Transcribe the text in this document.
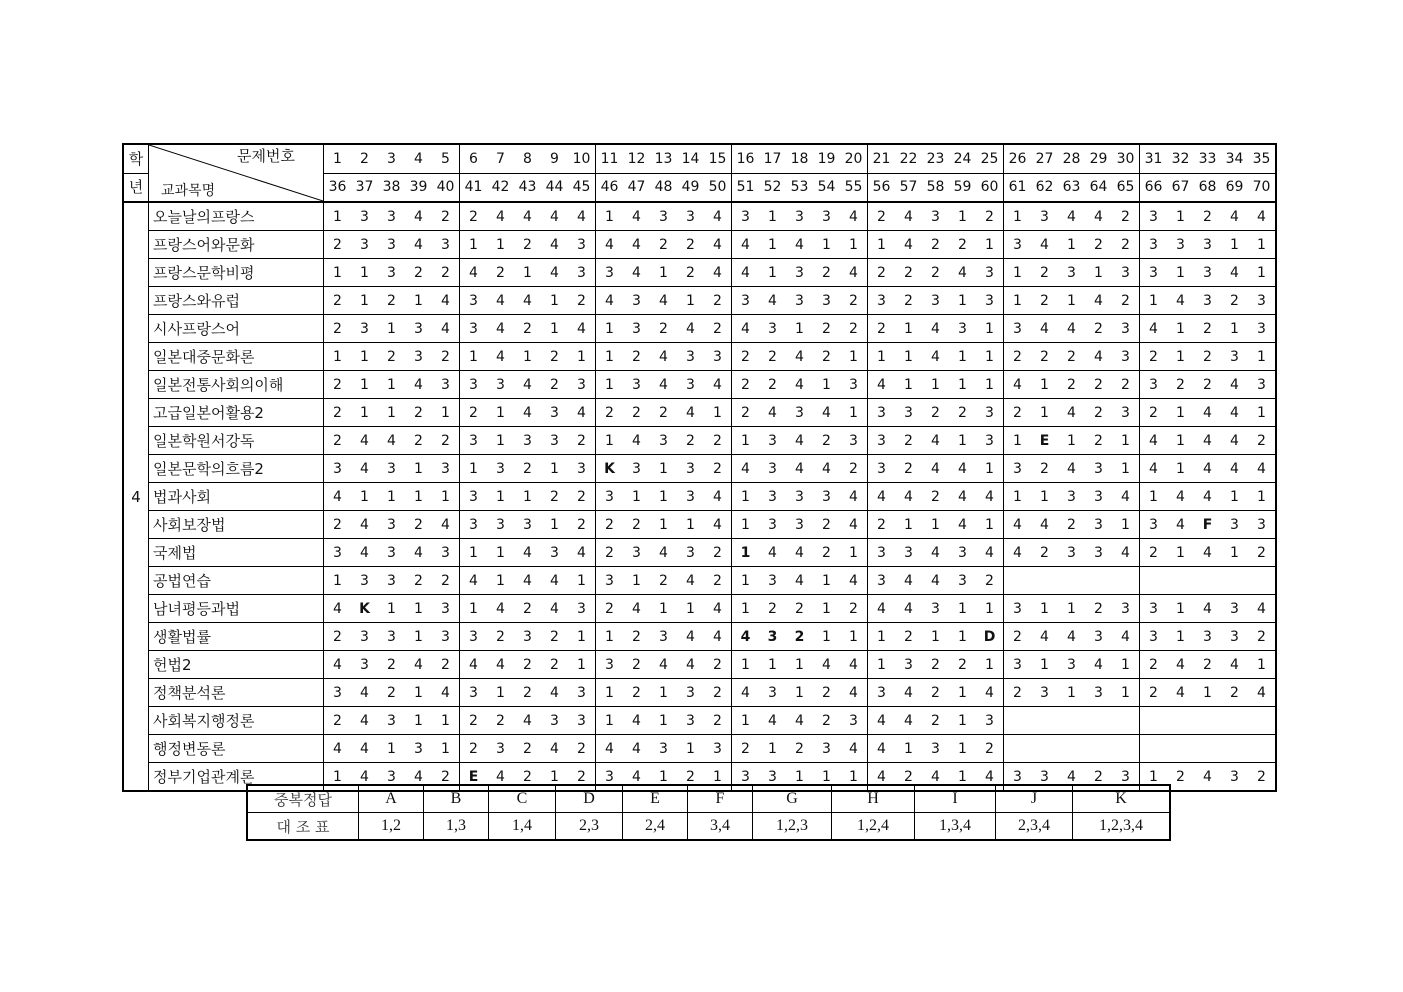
학	문제번호
교과목명	1	2	3	4	5	6	7	8	9	10	11	12	13	14	15	16	17	18	19	20	21	22	23	24	25	26	27	28	29	30	31	32	33	34	35
년		36	37	38	39	40	41	42	43	44	45	46	47	48	49	50	51	52	53	54	55	56	57	58	59	60	61	62	63	64	65	66	67	68	69	70
4	오늘날의프랑스	1	3	3	4	2	2	4	4	4	4	1	4	3	3	4	3	1	3	3	4	2	4	3	1	2	1	3	4	4	2	3	1	2	4	4
	프랑스어와문화	2	3	3	4	3	1	1	2	4	3	4	4	2	2	4	4	1	4	1	1	1	4	2	2	1	3	4	1	2	2	3	3	3	1	1
	프랑스문학비평	1	1	3	2	2	4	2	1	4	3	3	4	1	2	4	4	1	3	2	4	2	2	2	4	3	1	2	3	1	3	3	1	3	4	1
	프랑스와유럽	2	1	2	1	4	3	4	4	1	2	4	3	4	1	2	3	4	3	3	2	3	2	3	1	3	1	2	1	4	2	1	4	3	2	3
	시사프랑스어	2	3	1	3	4	3	4	2	1	4	1	3	2	4	2	4	3	1	2	2	2	1	4	3	1	3	4	4	2	3	4	1	2	1	3
	일본대중문화론	1	1	2	3	2	1	4	1	2	1	1	2	4	3	3	2	2	4	2	1	1	1	4	1	1	2	2	2	4	3	2	1	2	3	1
	일본전통사회의이해	2	1	1	4	3	3	3	4	2	3	1	3	4	3	4	2	2	4	1	3	4	1	1	1	1	4	1	2	2	2	3	2	2	4	3
	고급일본어활용2	2	1	1	2	1	2	1	4	3	4	2	2	2	4	1	2	4	3	4	1	3	3	2	2	3	2	1	4	2	3	2	1	4	4	1
	일본학원서강독	2	4	4	2	2	3	1	3	3	2	1	4	3	2	2	1	3	4	2	3	3	2	4	1	3	1	E	1	2	1	4	1	4	4	2
	일본문학의흐름2	3	4	3	1	3	1	3	2	1	3	K	3	1	3	2	4	3	4	4	2	3	2	4	4	1	3	2	4	3	1	4	1	4	4	4
	법과사회	4	1	1	1	1	3	1	1	2	2	3	1	1	3	4	1	3	3	3	4	4	4	2	4	4	1	1	3	3	4	1	4	4	1	1
	사회보장법	2	4	3	2	4	3	3	3	1	2	2	2	1	1	4	1	3	3	2	4	2	1	1	4	1	4	4	2	3	1	3	4	F	3	3
	국제법	3	4	3	4	3	1	1	4	3	4	2	3	4	3	2	1	4	4	2	1	3	3	4	3	4	4	2	3	3	4	2	1	4	1	2
	공법연습	1	3	3	2	2	4	1	4	4	1	3	1	2	4	2	1	3	4	1	4	3	4	4	3	2										
	남녀평등과법	4	K	1	1	3	1	4	2	4	3	2	4	1	1	4	1	2	2	1	2	4	4	3	1	1	3	1	1	2	3	3	1	4	3	4
	생활법률	2	3	3	1	3	3	2	3	2	1	1	2	3	4	4	4	3	2	1	1	1	2	1	1	D	2	4	4	3	4	3	1	3	3	2
	헌법2	4	3	2	4	2	4	4	2	2	1	3	2	4	4	2	1	1	1	4	4	1	3	2	2	1	3	1	3	4	1	2	4	2	4	1
	정책분석론	3	4	2	1	4	3	1	2	4	3	1	2	1	3	2	4	3	1	2	4	3	4	2	1	4	2	3	1	3	1	2	4	1	2	4
	사회복지행정론	2	4	3	1	1	2	2	4	3	3	1	4	1	3	2	1	4	4	2	3	4	4	2	1	3										
	행정변동론	4	4	1	3	1	2	3	2	4	2	4	4	3	1	3	2	1	2	3	4	4	1	3	1	2										
	정부기업관계론	1	4	3	4	2	E	4	2	1	2	3	4	1	2	1	3	3	1	1	1	4	2	4	1	4	3	3	4	2	3	1	2	4	3	2
중복정답	A	B	C	D	E	F	G	H	I	J	K
대 조 표	1,2	1,3	1,4	2,3	2,4	3,4	1,2,3	1,2,4	1,3,4	2,3,4	1,2,3,4
